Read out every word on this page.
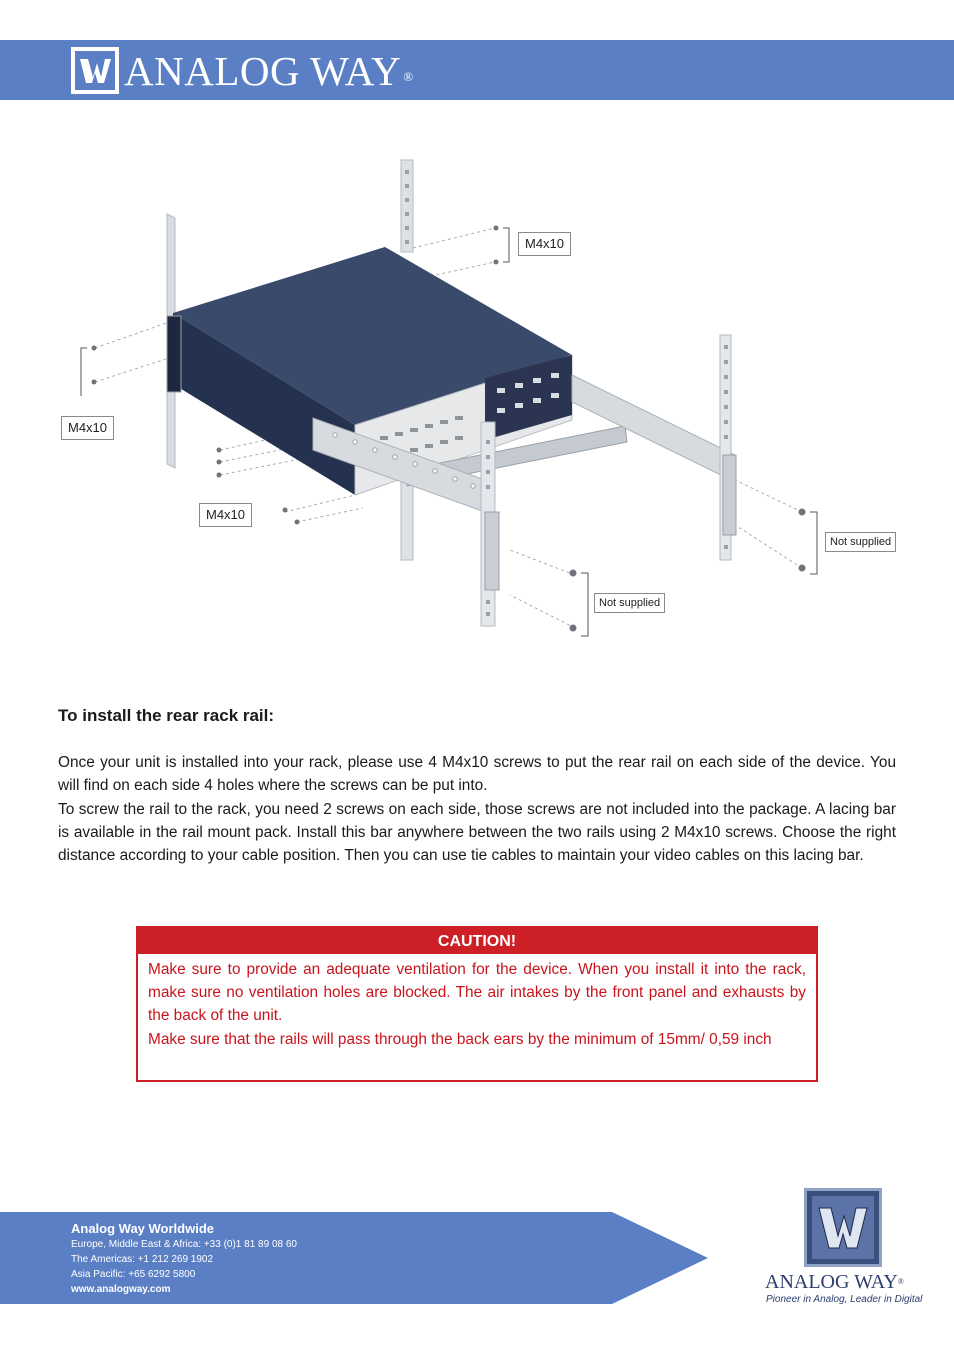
ANALOG WAY ®
M4x10
M4x10
M4x10
Not supplied
Not supplied
To install the rear rack rail:

Once your unit is installed into your rack, please use 4 M4x10 screws to put the rear rail on each side of the device. You will find on each side 4 holes where the screws can be put into.

To screw the rail to the rack, you need 2 screws on each side, those screws are not included into the package. A lacing bar is available in the rail mount pack. Install this bar anywhere between the two rails using 2 M4x10 screws. Choose the right distance according to your cable position. Then you can use tie cables to maintain your video cables on this lacing bar.

CAUTION!

Make sure to provide an adequate ventilation for the device. When you install it into the rack, make sure no ventilation holes are blocked. The air intakes by the front panel and exhausts by the back of the unit.

Make sure that the rails will pass through the back ears by the minimum of 15mm/ 0,59 inch

Analog Way Worldwide
Europe, Middle East & Africa: +33 (0)1 81 89 08 60
The Americas: +1 212 269 1902
Asia Pacific: +65 6292 5800
www.analogway.com	ANALOG WAY®
Pioneer in Analog, Leader in Digital
